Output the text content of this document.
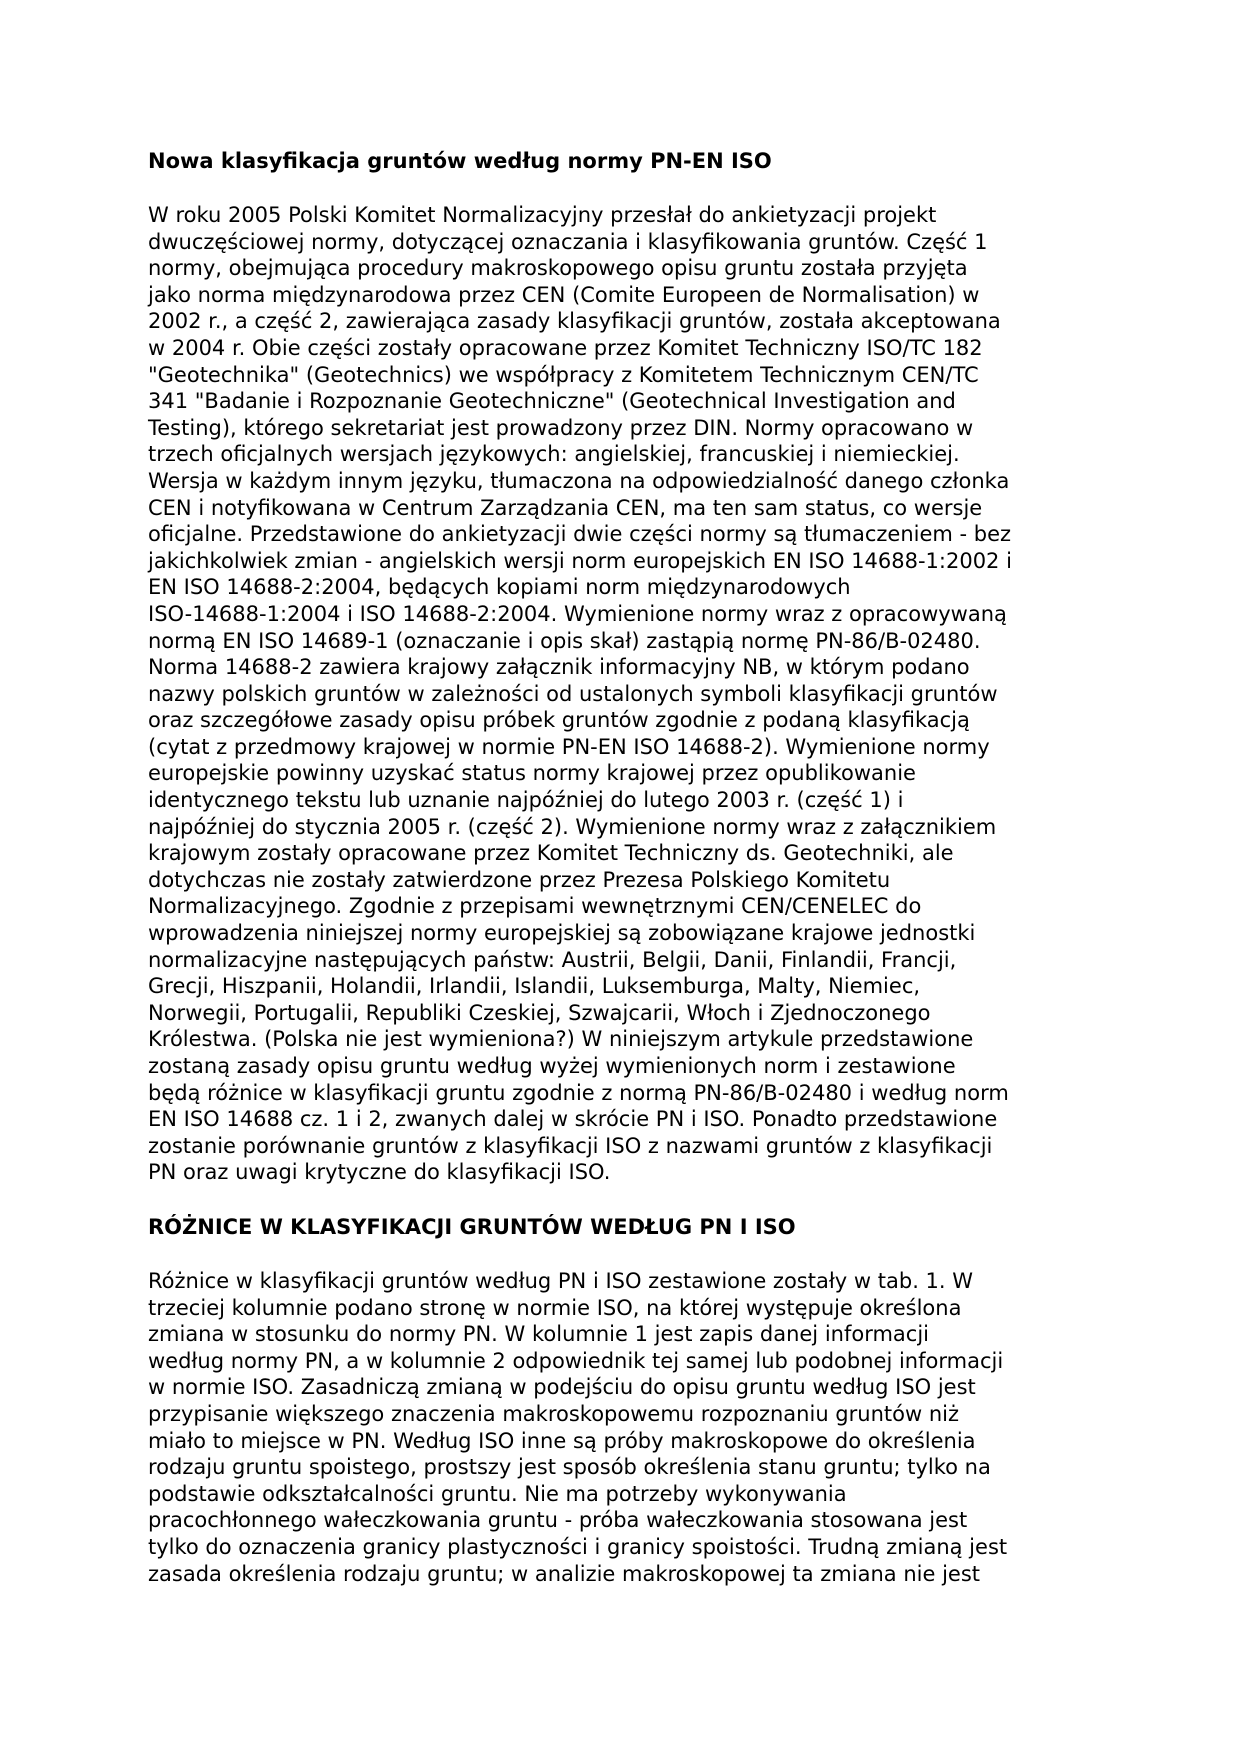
Nowa klasyfikacja gruntów według normy PN-EN ISO

W roku 2005 Polski Komitet Normalizacyjny przesłał do ankietyzacji projekt
dwuczęściowej normy, dotyczącej oznaczania i klasyfikowania gruntów. Część 1
normy, obejmująca procedury makroskopowego opisu gruntu została przyjęta
jako norma międzynarodowa przez CEN (Comite Europeen de Normalisation) w
2002 r., a część 2, zawierająca zasady klasyfikacji gruntów, została akceptowana
w 2004 r. Obie części zostały opracowane przez Komitet Techniczny ISO/TC 182
"Geotechnika" (Geotechnics) we współpracy z Komitetem Technicznym CEN/TC
341 "Badanie i Rozpoznanie Geotechniczne" (Geotechnical Investigation and
Testing), którego sekretariat jest prowadzony przez DIN. Normy opracowano w
trzech oficjalnych wersjach językowych: angielskiej, francuskiej i niemieckiej.
Wersja w każdym innym języku, tłumaczona na odpowiedzialność danego członka
CEN i notyfikowana w Centrum Zarządzania CEN, ma ten sam status, co wersje
oficjalne. Przedstawione do ankietyzacji dwie części normy są tłumaczeniem - bez
jakichkolwiek zmian - angielskich wersji norm europejskich EN ISO 14688-1:2002 i
EN ISO 14688-2:2004, będących kopiami norm międzynarodowych
ISO-14688-1:2004 i ISO 14688-2:2004. Wymienione normy wraz z opracowywaną
normą EN ISO 14689-1 (oznaczanie i opis skał) zastąpią normę PN-86/B-02480.
Norma 14688-2 zawiera krajowy załącznik informacyjny NB, w którym podano
nazwy polskich gruntów w zależności od ustalonych symboli klasyfikacji gruntów
oraz szczegółowe zasady opisu próbek gruntów zgodnie z podaną klasyfikacją
(cytat z przedmowy krajowej w normie PN-EN ISO 14688-2). Wymienione normy
europejskie powinny uzyskać status normy krajowej przez opublikowanie
identycznego tekstu lub uznanie najpóźniej do lutego 2003 r. (część 1) i
najpóźniej do stycznia 2005 r. (część 2). Wymienione normy wraz z załącznikiem
krajowym zostały opracowane przez Komitet Techniczny ds. Geotechniki, ale
dotychczas nie zostały zatwierdzone przez Prezesa Polskiego Komitetu
Normalizacyjnego. Zgodnie z przepisami wewnętrznymi CEN/CENELEC do
wprowadzenia niniejszej normy europejskiej są zobowiązane krajowe jednostki
normalizacyjne następujących państw: Austrii, Belgii, Danii, Finlandii, Francji,
Grecji, Hiszpanii, Holandii, Irlandii, Islandii, Luksemburga, Malty, Niemiec,
Norwegii, Portugalii, Republiki Czeskiej, Szwajcarii, Włoch i Zjednoczonego
Królestwa. (Polska nie jest wymieniona?) W niniejszym artykule przedstawione
zostaną zasady opisu gruntu według wyżej wymienionych norm i zestawione
będą różnice w klasyfikacji gruntu zgodnie z normą PN-86/B-02480 i według norm
EN ISO 14688 cz. 1 i 2, zwanych dalej w skrócie PN i ISO. Ponadto przedstawione
zostanie porównanie gruntów z klasyfikacji ISO z nazwami gruntów z klasyfikacji
PN oraz uwagi krytyczne do klasyfikacji ISO.

RÓŻNICE W KLASYFIKACJI GRUNTÓW WEDŁUG PN I ISO

Różnice w klasyfikacji gruntów według PN i ISO zestawione zostały w tab. 1. W
trzeciej kolumnie podano stronę w normie ISO, na której występuje określona
zmiana w stosunku do normy PN. W kolumnie 1 jest zapis danej informacji
według normy PN, a w kolumnie 2 odpowiednik tej samej lub podobnej informacji
w normie ISO. Zasadniczą zmianą w podejściu do opisu gruntu według ISO jest
przypisanie większego znaczenia makroskopowemu rozpoznaniu gruntów niż
miało to miejsce w PN. Według ISO inne są próby makroskopowe do określenia
rodzaju gruntu spoistego, prostszy jest sposób określenia stanu gruntu; tylko na
podstawie odkształcalności gruntu. Nie ma potrzeby wykonywania
pracochłonnego wałeczkowania gruntu - próba wałeczkowania stosowana jest
tylko do oznaczenia granicy plastyczności i granicy spoistości. Trudną zmianą jest
zasada określenia rodzaju gruntu; w analizie makroskopowej ta zmiana nie jest
